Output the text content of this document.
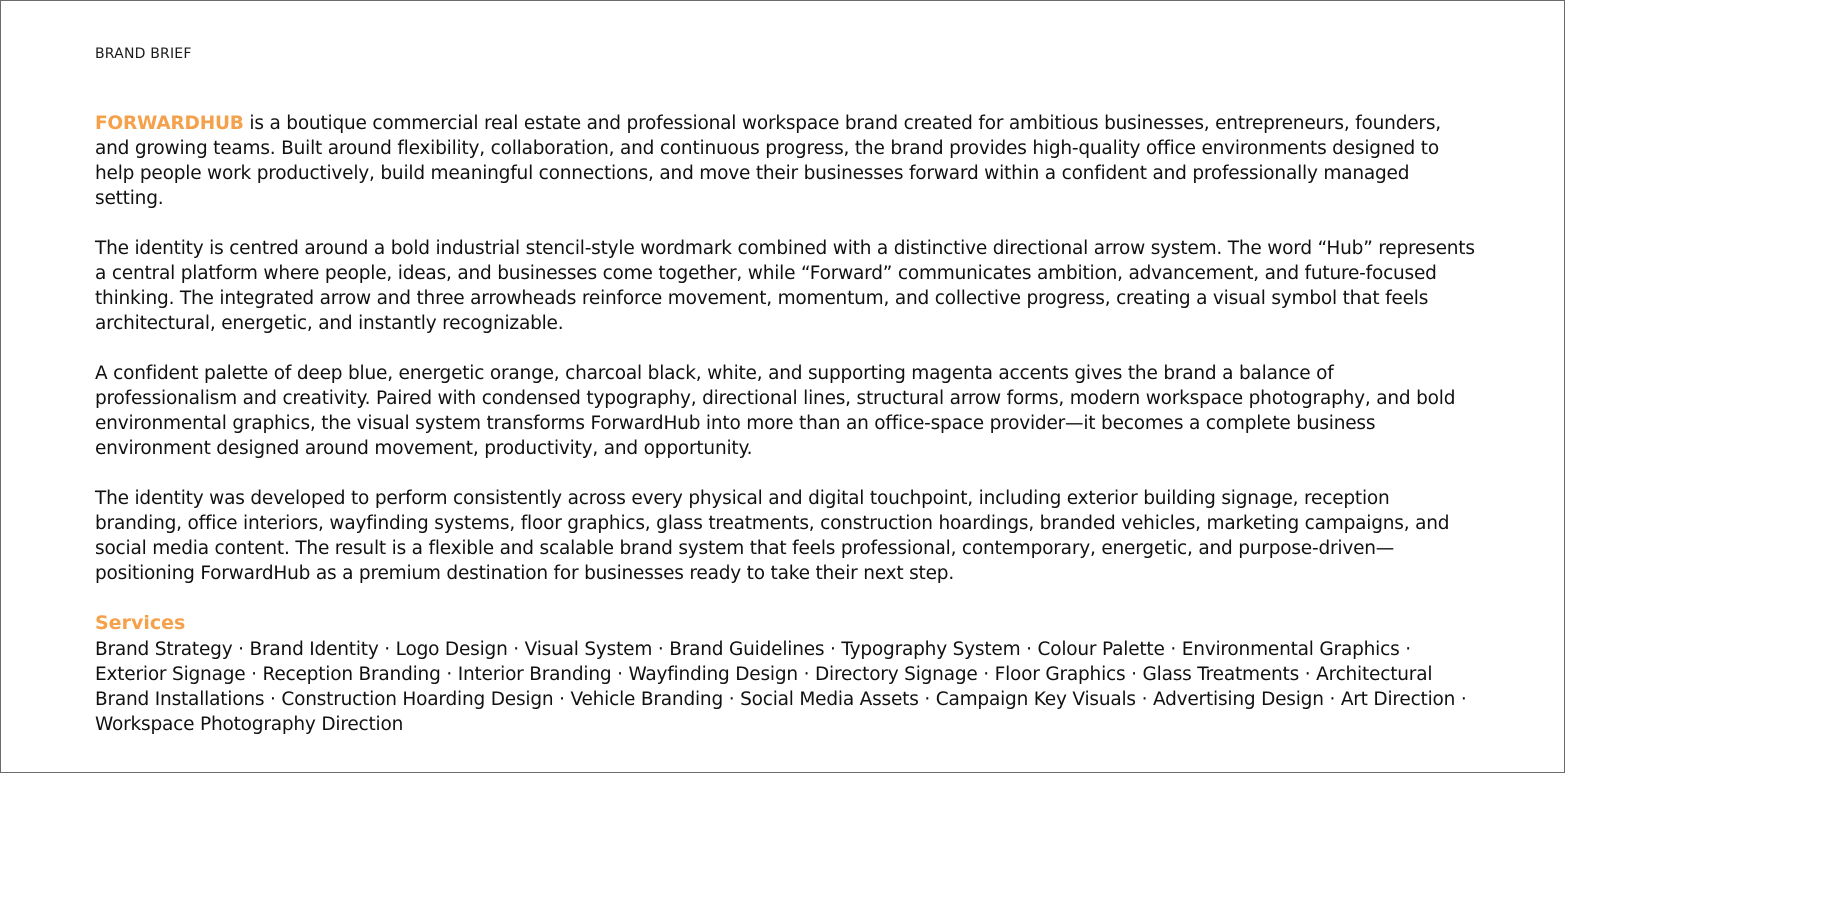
BRAND BRIEF

FORWARDHUB is a boutique commercial real estate and professional workspace brand created for ambitious businesses, entrepreneurs, founders, and growing teams. Built around flexibility, collaboration, and continuous progress, the brand provides high-quality office environments designed to help people work productively, build meaningful connections, and move their businesses forward within a confident and professionally managed setting.

The identity is centred around a bold industrial stencil-style wordmark combined with a distinctive directional arrow system. The word “Hub” represents a central platform where people, ideas, and businesses come together, while “Forward” communicates ambition, advancement, and future-focused thinking. The integrated arrow and three arrowheads reinforce movement, momentum, and collective progress, creating a visual symbol that feels architectural, energetic, and instantly recognizable.

A confident palette of deep blue, energetic orange, charcoal black, white, and supporting magenta accents gives the brand a balance of professionalism and creativity. Paired with condensed typography, directional lines, structural arrow forms, modern workspace photography, and bold environmental graphics, the visual system transforms ForwardHub into more than an office-space provider—it becomes a complete business environment designed around movement, productivity, and opportunity.

The identity was developed to perform consistently across every physical and digital touchpoint, including exterior building signage, reception branding, office interiors, wayfinding systems, floor graphics, glass treatments, construction hoardings, branded vehicles, marketing campaigns, and social media content. The result is a flexible and scalable brand system that feels professional, contemporary, energetic, and purpose-driven—positioning ForwardHub as a premium destination for businesses ready to take their next step.

Services

Brand Strategy · Brand Identity · Logo Design · Visual System · Brand Guidelines · Typography System · Colour Palette · Environmental Graphics · Exterior Signage · Reception Branding · Interior Branding · Wayfinding Design · Directory Signage · Floor Graphics · Glass Treatments · Architectural Brand Installations · Construction Hoarding Design · Vehicle Branding · Social Media Assets · Campaign Key Visuals · Advertising Design · Art Direction · Workspace Photography Direction
